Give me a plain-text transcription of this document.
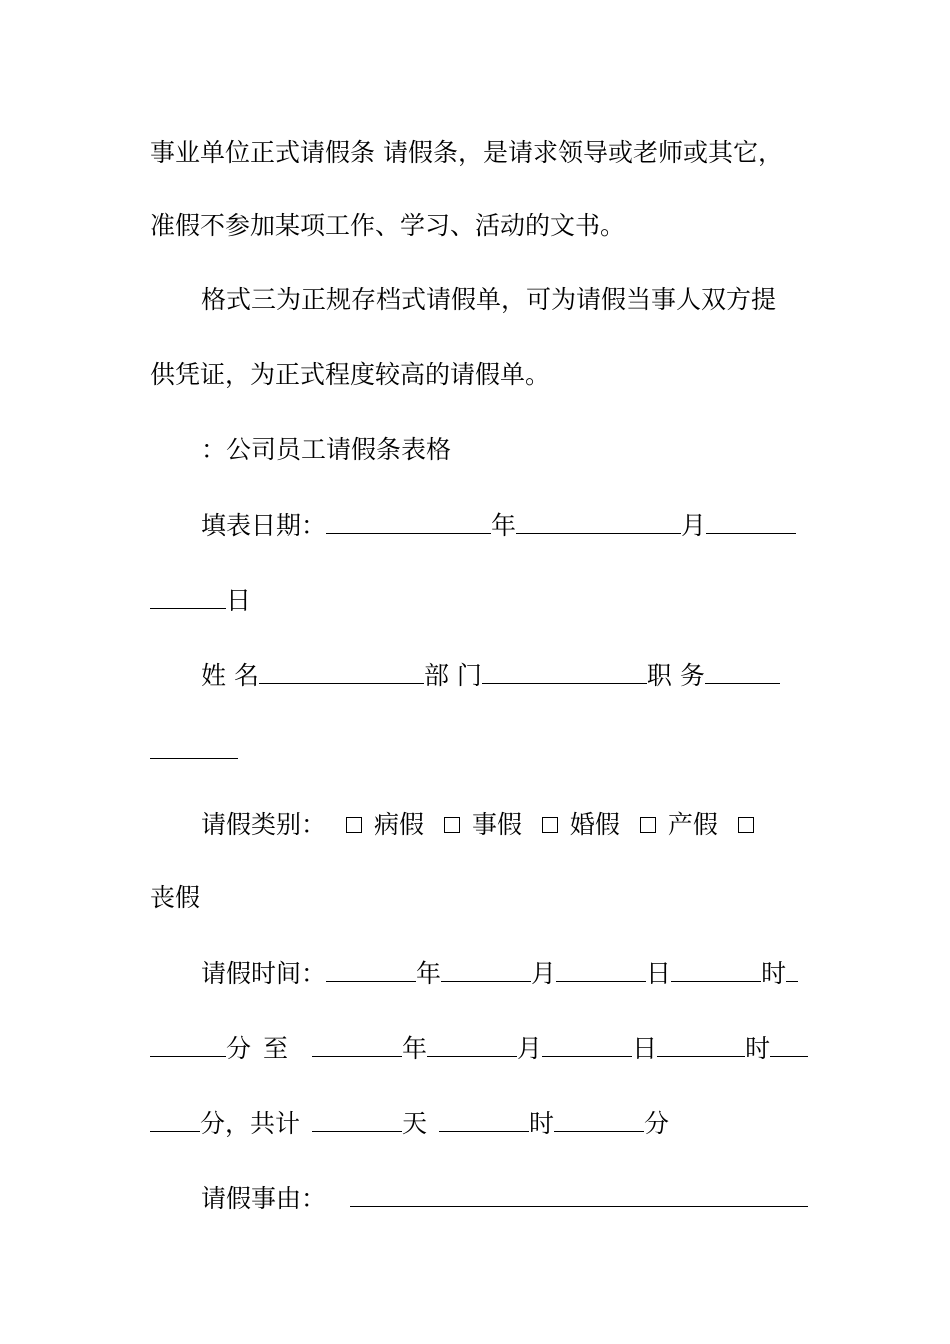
事业单位正式请假条 请假条，是请求领导或老师或其它，
准假不参加某项工作、学习、活动的文书。
格式三为正规存档式请假单，可为请假当事人双方提
供凭证，为正式程度较高的请假单。
：公司员工请假条表格
填表日期：	年	月
日
姓 名	部 门	职 务
请假类别： 病假 事假 婚假 产假
丧假
请假时间：	年	月	日	时
分 至	年	月	日	时
分，共计	天	时	分
请假事由：
